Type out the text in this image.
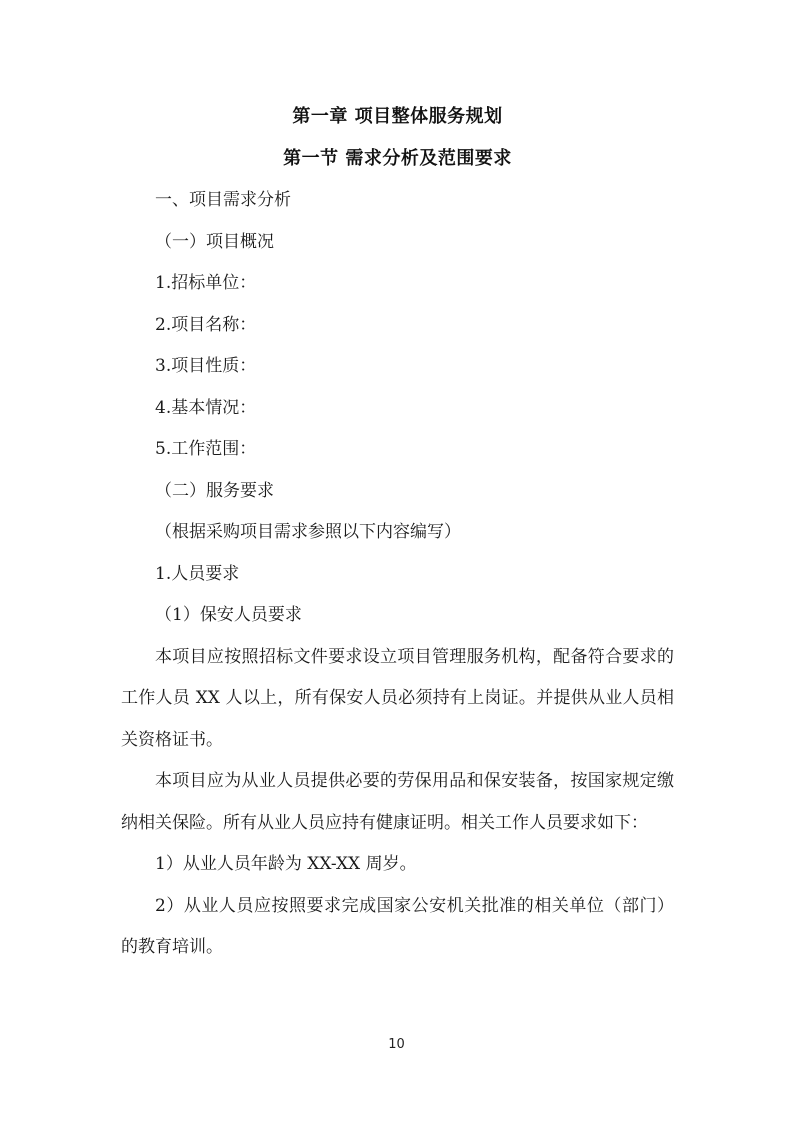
第一章 项目整体服务规划
第一节 需求分析及范围要求
一、项目需求分析
（一）项目概况
1.招标单位：
2.项目名称：
3.项目性质：
4.基本情况：
5.工作范围：
（二）服务要求
（根据采购项目需求参照以下内容编写）
1.人员要求
（1）保安人员要求

本项目应按照招标文件要求设立项目管理服务机构，配备符合要求的工作人员 XX 人以上，所有保安人员必须持有上岗证。并提供从业人员相关资格证书。

本项目应为从业人员提供必要的劳保用品和保安装备，按国家规定缴纳相关保险。所有从业人员应持有健康证明。相关工作人员要求如下：

1）从业人员年龄为 XX-XX 周岁。

2）从业人员应按照要求完成国家公安机关批准的相关单位（部门）的教育培训。

10
